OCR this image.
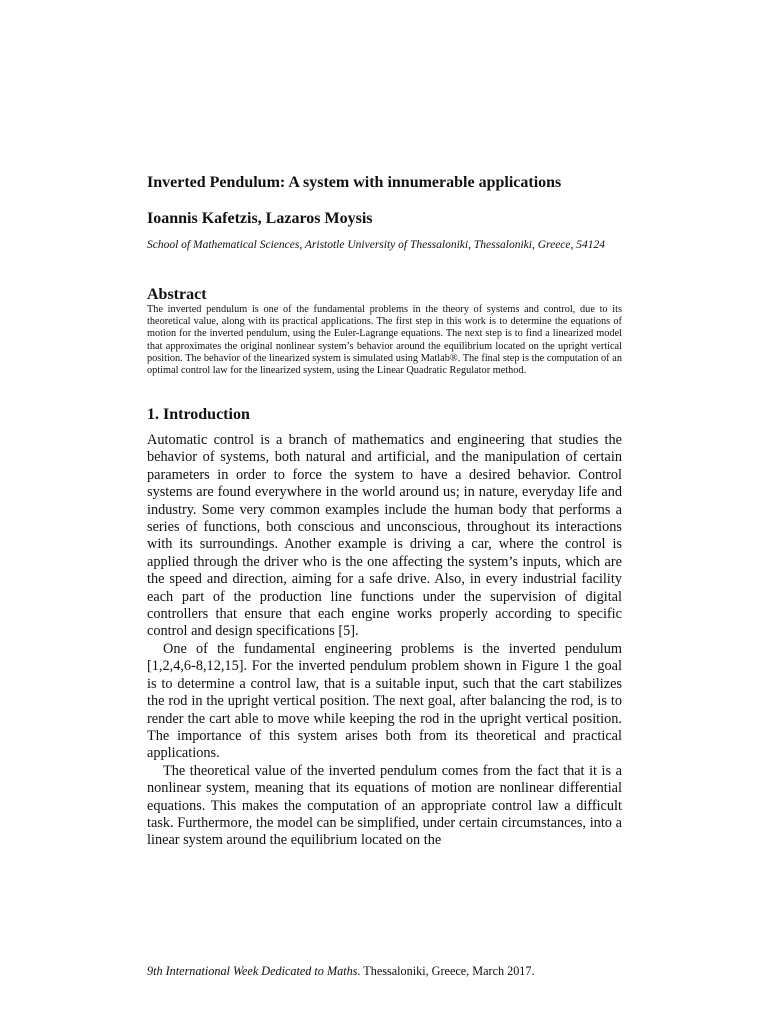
Inverted Pendulum: A system with innumerable applications
Ioannis Kafetzis, Lazaros Moysis
School of Mathematical Sciences, Aristotle University of Thessaloniki, Thessaloniki, Greece, 54124
Abstract
The inverted pendulum is one of the fundamental problems in the theory of systems and control, due to its theoretical value, along with its practical applications. The first step in this work is to determine the equations of motion for the inverted pendulum, using the Euler-Lagrange equations. The next step is to find a linearized model that approximates the original nonlinear system’s behavior around the equilibrium located on the upright vertical position. The behavior of the linearized system is simulated using Matlab®. The final step is the computation of an optimal control law for the linearized system, using the Linear Quadratic Regulator method.
1. Introduction

Automatic control is a branch of mathematics and engineering that studies the behavior of systems, both natural and artificial, and the manipulation of certain parameters in order to force the system to have a desired behavior. Control systems are found everywhere in the world around us; in nature, everyday life and industry. Some very common examples include the human body that performs a series of functions, both conscious and unconscious, throughout its interactions with its surroundings. Another example is driving a car, where the control is applied through the driver who is the one affecting the system’s inputs, which are the speed and direction, aiming for a safe drive. Also, in every industrial facility each part of the production line functions under the supervision of digital controllers that ensure that each engine works properly according to specific control and design specifications [5].

One of the fundamental engineering problems is the inverted pendulum [1,2,4,6-8,12,15]. For the inverted pendulum problem shown in Figure 1 the goal is to determine a control law, that is a suitable input, such that the cart stabilizes the rod in the upright vertical position. The next goal, after balancing the rod, is to render the cart able to move while keeping the rod in the upright vertical position. The importance of this system arises both from its theoretical and practical applications.

The theoretical value of the inverted pendulum comes from the fact that it is a nonlinear system, meaning that its equations of motion are nonlinear differential equations. This makes the computation of an appropriate control law a difficult task. Furthermore, the model can be simplified, under certain circumstances, into a linear system around the equilibrium located on the

9th International Week Dedicated to Maths. Thessaloniki, Greece, March 2017.
